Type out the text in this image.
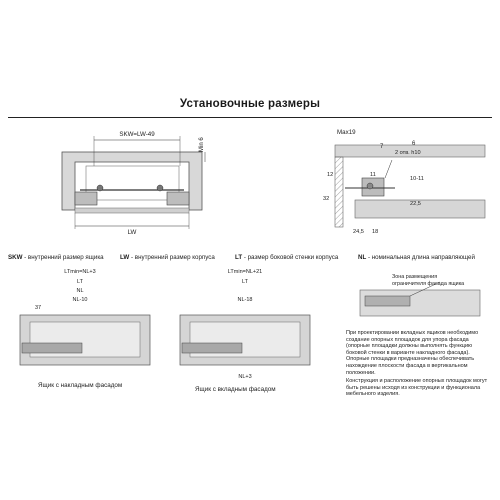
Установочные размеры
SKW=LW-49
Min 6
LW
Max19
7
12	11
32
10-11
22,5
24,5 18
6
2 отв. h10
LTmin=NL+3
LT
NL
NL-10
37
LTmin=NL+21
LT
NL-18
NL+3
Зона размещения
ограничителя фасада ящика
SKW - внутренний размер ящика	LW - внутренний размер корпуса	LT - размер боковой стенки корпуса	NL - номинальная длина направляющей
Ящик с накладным фасадом
Ящик с вкладным фасадом
При проектировании вкладных ящиков необходимо создание опорных площадок для упора фасада (опорные площадки должны выполнять функцию боковой стенки в варианте накладного фасада). Опорные площадки предназначены обеспечивать нахождение плоскости фасада в вертикальном положении.
Конструкция и расположение опорных площадок могут быть решены исходя из конструкции и функционала мебельного изделия.
